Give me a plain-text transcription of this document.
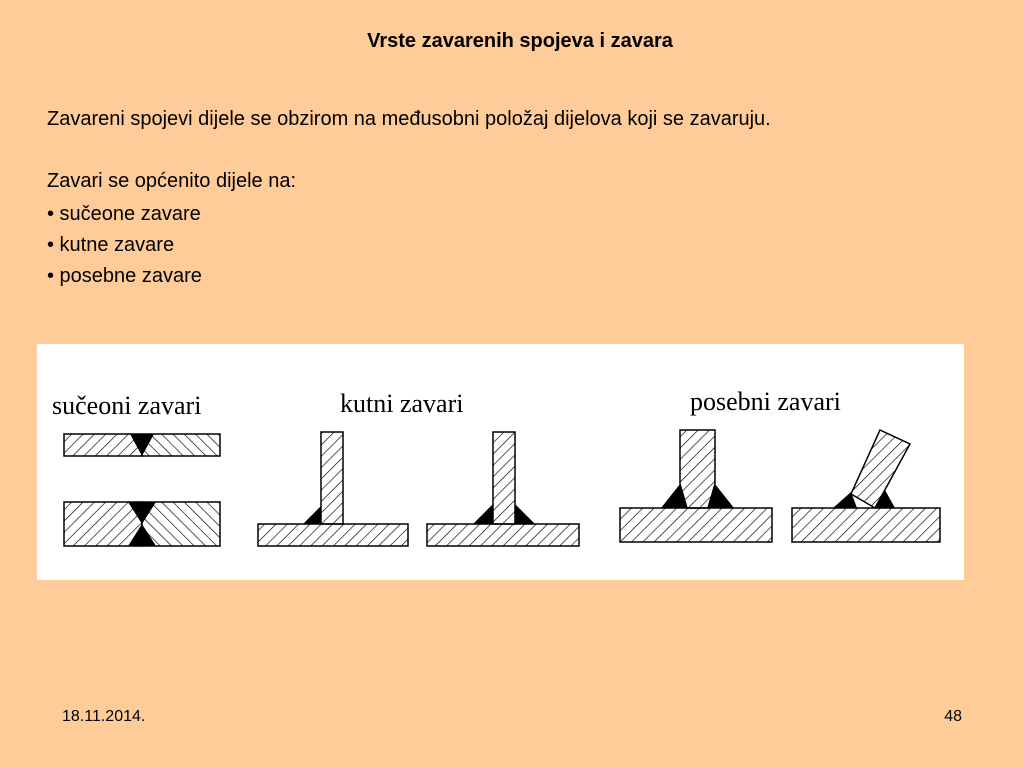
Vrste zavarenih spojeva i zavara
Zavareni spojevi dijele se obzirom na međusobni položaj dijelova koji se zavaruju.
Zavari se općenito dijele na:
• sučeone zavare
• kutne zavare
• posebne zavare
sučeoni zavari	kutni zavari	posebni zavari
18.11.2014.	48
